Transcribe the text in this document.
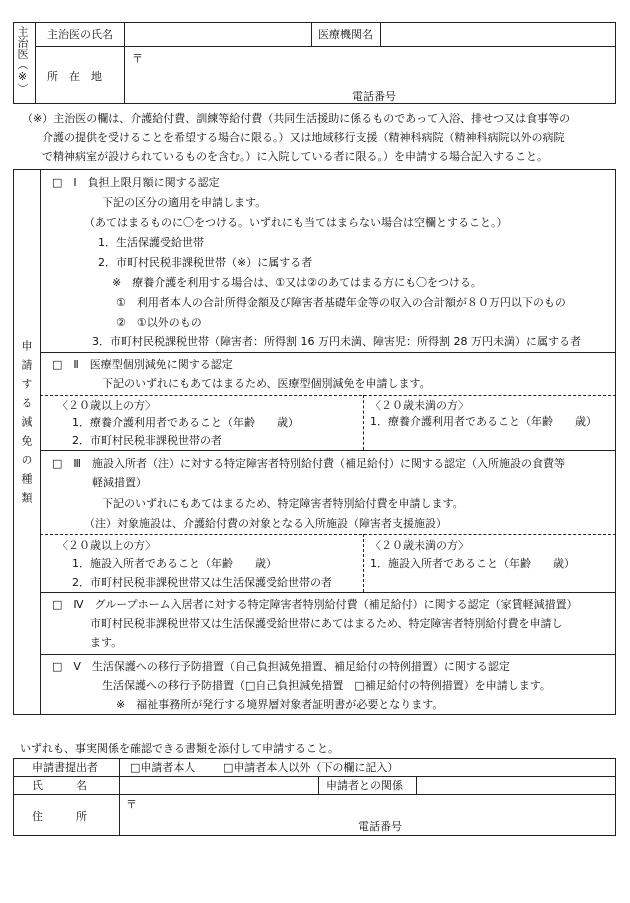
主治医（※） 主治医の氏名	医療機関名
所　在　地
〒
電話番号
（※）主治医の欄は、介護給付費、訓練等給付費（共同生活援助に係るものであって入浴、排せつ又は食事等の
介護の提供を受けることを希望する場合に限る。）又は地域移行支援（精神科病院（精神科病院以外の病院
で精神病室が設けられているものを含む。）に入院している者に限る。）を申請する場合記入すること。
申請する減免の種類
□　Ⅰ　負担上限月額に関する認定
下記の区分の適用を申請します。
（あてはまるものに〇をつける。いずれにも当てはまらない場合は空欄とすること。）
1．生活保護受給世帯
2．市町村民税非課税世帯（※）に属する者
※　療養介護を利用する場合は、①又は②のあてはまる方にも〇をつける。
①　利用者本人の合計所得金額及び障害者基礎年金等の収入の合計額が８０万円以下のもの
②　①以外のもの
3．市町村民税課税世帯（障害者：所得割 16 万円未満、障害児：所得割 28 万円未満）に属する者
□　Ⅱ　医療型個別減免に関する認定
下記のいずれにもあてはまるため、医療型個別減免を申請します。
〈２０歳以上の方〉
1．療養介護利用者であること（年齢　　歳）
2．市町村民税非課税世帯の者
〈２０歳未満の方〉
1．療養介護利用者であること（年齢　　歳）
□　Ⅲ　施設入所者（注）に対する特定障害者特別給付費（補足給付）に関する認定（入所施設の食費等
軽減措置）
下記のいずれにもあてはまるため、特定障害者特別給付費を申請します。
（注）対象施設は、介護給付費の対象となる入所施設（障害者支援施設）
〈２０歳以上の方〉
1．施設入所者であること（年齢　　歳）
2．市町村民税非課税世帯又は生活保護受給世帯の者
〈２０歳未満の方〉
1．施設入所者であること（年齢　　歳）
□　Ⅳ　グループホーム入居者に対する特定障害者特別給付費（補足給付）に関する認定（家賃軽減措置）
市町村民税非課税世帯又は生活保護受給世帯にあてはまるため、特定障害者特別給付費を申請し
ます。
□　Ⅴ　生活保護への移行予防措置（自己負担減免措置、補足給付の特例措置）に関する認定
生活保護への移行予防措置（□自己負担減免措置　□補足給付の特例措置）を申請します。
※　福祉事務所が発行する境界層対象者証明書が必要となります。
いずれも、事実関係を確認できる書類を添付して申請すること。
申請書提出者	□申請者本人	□申請者本人以外（下の欄に記入）
氏　　　名	申請者との関係
住　　　所
〒
電話番号
